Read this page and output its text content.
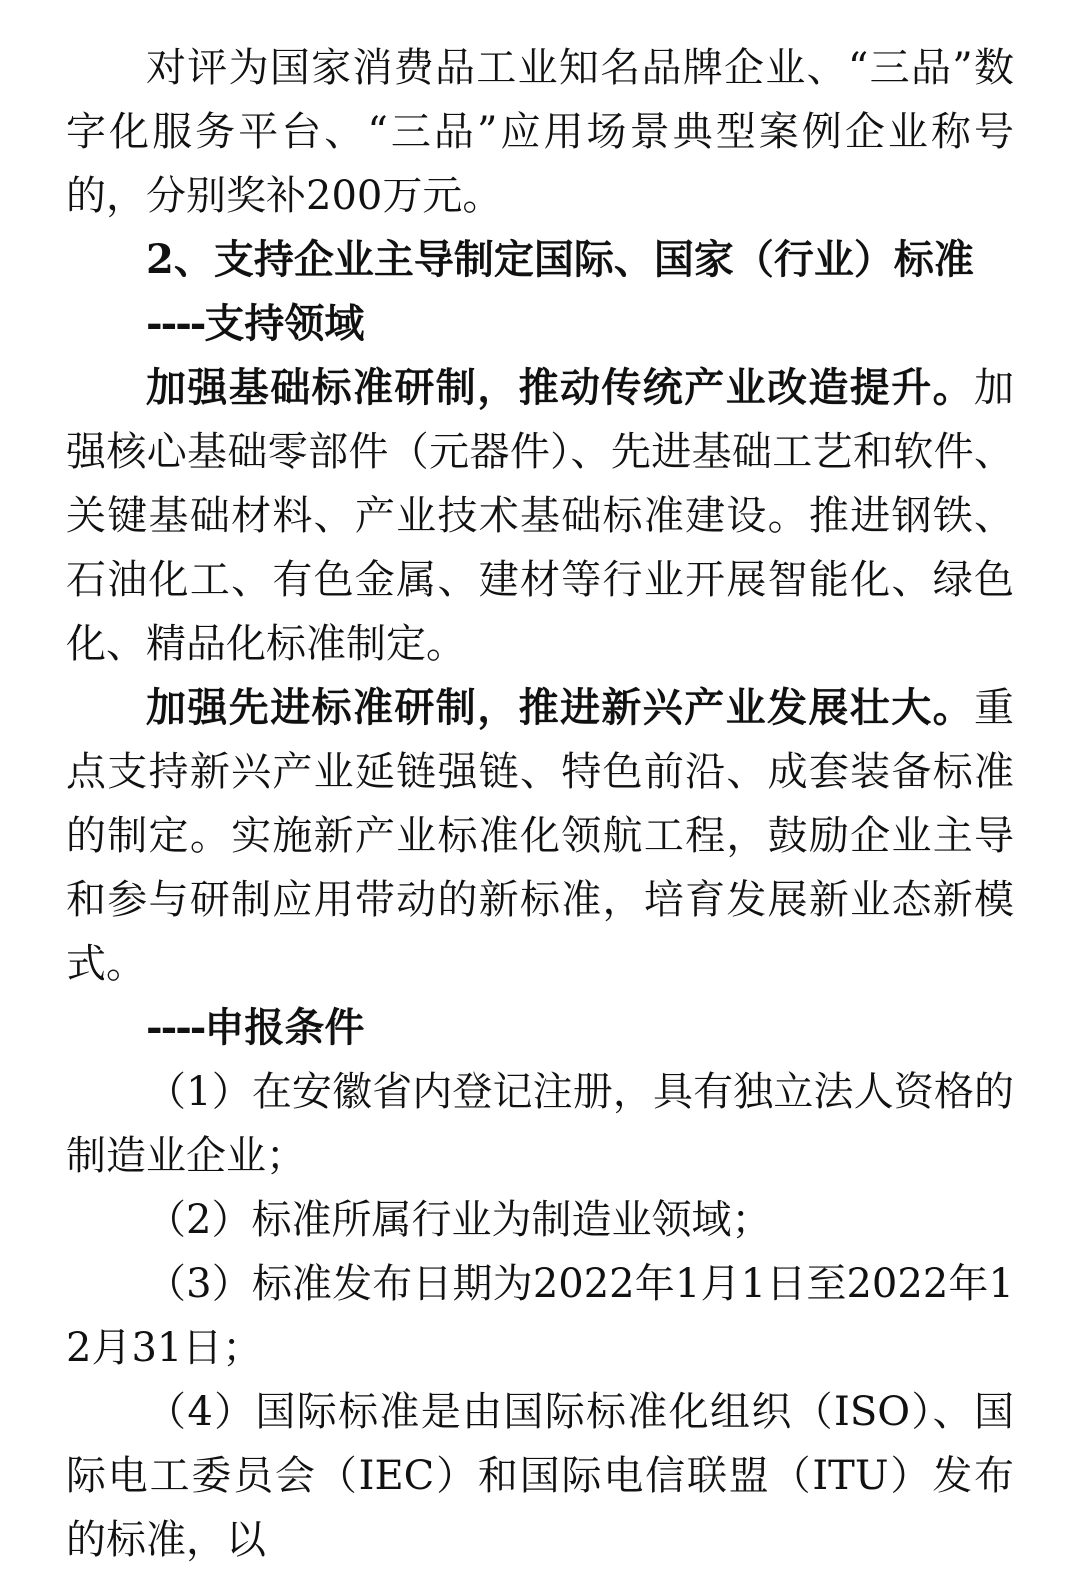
对评为国家消费品工业知名品牌企业、“三品”数字化服务平台、“三品”应用场景典型案例企业称号的，分别奖补200万元。

2、支持企业主导制定国际、国家（行业）标准

----支持领域

加强基础标准研制，推动传统产业改造提升。加强核心基础零部件（元器件）、先进基础工艺和软件、关键基础材料、产业技术基础标准建设。推进钢铁、石油化工、有色金属、建材等行业开展智能化、绿色化、精品化标准制定。

加强先进标准研制，推进新兴产业发展壮大。重点支持新兴产业延链强链、特色前沿、成套装备标准的制定。实施新产业标准化领航工程，鼓励企业主导和参与研制应用带动的新标准，培育发展新业态新模式。

----申报条件

（1）在安徽省内登记注册，具有独立法人资格的制造业企业；

（2）标准所属行业为制造业领域；

（3）标准发布日期为2022年1月1日至2022年12月31日；

（4）国际标准是由国际标准化组织（ISO）、国际电工委员会（IEC）和国际电信联盟（ITU）发布的标准，以
